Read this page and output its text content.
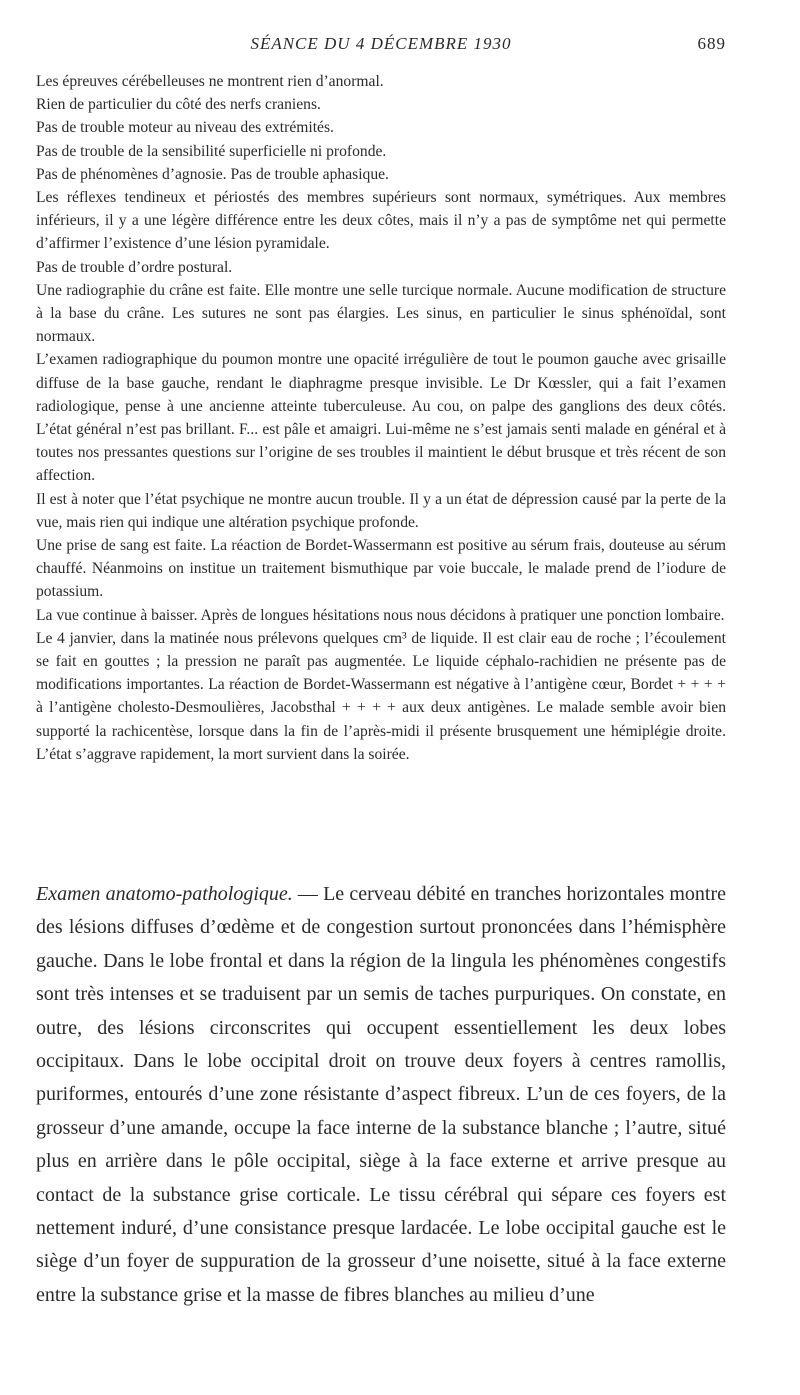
SÉANCE DU 4 DÉCEMBRE 1930	689

Les épreuves cérébelleuses ne montrent rien d’anormal.

Rien de particulier du côté des nerfs craniens.

Pas de trouble moteur au niveau des extrémités.

Pas de trouble de la sensibilité superficielle ni profonde.

Pas de phénomènes d’agnosie. Pas de trouble aphasique.

Les réflexes tendineux et périostés des membres supérieurs sont normaux, symétriques. Aux membres inférieurs, il y a une légère différence entre les deux côtes, mais il n’y a pas de symptôme net qui permette d’affirmer l’existence d’une lésion pyramidale.

Pas de trouble d’ordre postural.

Une radiographie du crâne est faite. Elle montre une selle turcique normale. Aucune modification de structure à la base du crâne. Les sutures ne sont pas élargies. Les sinus, en particulier le sinus sphénoïdal, sont normaux.

L’examen radiographique du poumon montre une opacité irrégulière de tout le poumon gauche avec grisaille diffuse de la base gauche, rendant le diaphragme presque invisible. Le Dr Kœssler, qui a fait l’examen radiologique, pense à une ancienne atteinte tuberculeuse. Au cou, on palpe des ganglions des deux côtés. L’état général n’est pas brillant. F... est pâle et amaigri. Lui-même ne s’est jamais senti malade en général et à toutes nos pressantes questions sur l’origine de ses troubles il maintient le début brusque et très récent de son affection.

Il est à noter que l’état psychique ne montre aucun trouble. Il y a un état de dépression causé par la perte de la vue, mais rien qui indique une altération psychique profonde.

Une prise de sang est faite. La réaction de Bordet-Wassermann est positive au sérum frais, douteuse au sérum chauffé. Néanmoins on institue un traitement bismuthique par voie buccale, le malade prend de l’iodure de potassium.

La vue continue à baisser. Après de longues hésitations nous nous décidons à pratiquer une ponction lombaire.

Le 4 janvier, dans la matinée nous prélevons quelques cm³ de liquide. Il est clair eau de roche ; l’écoulement se fait en gouttes ; la pression ne paraît pas augmentée. Le liquide céphalo-rachidien ne présente pas de modifications importantes. La réaction de Bordet-Wassermann est négative à l’antigène cœur, Bordet + + + + à l’antigène cholesto-Desmoulières, Jacobsthal + + + + aux deux antigènes. Le malade semble avoir bien supporté la rachicentèse, lorsque dans la fin de l’après-midi il présente brusquement une hémiplégie droite. L’état s’aggrave rapidement, la mort survient dans la soirée.

Examen anatomo-pathologique. — Le cerveau débité en tranches horizontales montre des lésions diffuses d’œdème et de congestion surtout prononcées dans l’hémisphère gauche. Dans le lobe frontal et dans la région de la lingula les phénomènes congestifs sont très intenses et se traduisent par un semis de taches purpuriques. On constate, en outre, des lésions circonscrites qui occupent essentiellement les deux lobes occipitaux. Dans le lobe occipital droit on trouve deux foyers à centres ramollis, puriformes, entourés d’une zone résistante d’aspect fibreux. L’un de ces foyers, de la grosseur d’une amande, occupe la face interne de la substance blanche ; l’autre, situé plus en arrière dans le pôle occipital, siège à la face externe et arrive presque au contact de la substance grise corticale. Le tissu cérébral qui sépare ces foyers est nettement induré, d’une consistance presque lardacée. Le lobe occipital gauche est le siège d’un foyer de suppuration de la grosseur d’une noisette, situé à la face externe entre la substance grise et la masse de fibres blanches au milieu d’une
